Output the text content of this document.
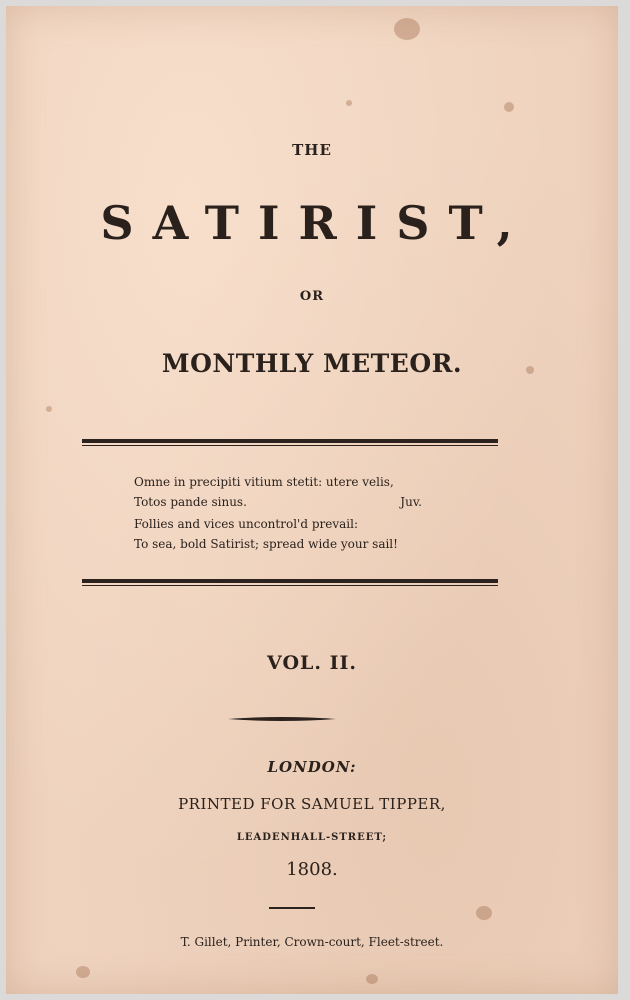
THE
SATIRIST,
OR
MONTHLY METEOR.
Omne in precipiti vitium stetit: utere velis,
Totos pande sinus.	Juv.
Follies and vices uncontrol'd prevail:
To sea, bold Satirist; spread wide your sail!
VOL. II.
LONDON:
PRINTED FOR SAMUEL TIPPER,
LEADENHALL-STREET;
1808.
T. Gillet, Printer, Crown-court, Fleet-street.
